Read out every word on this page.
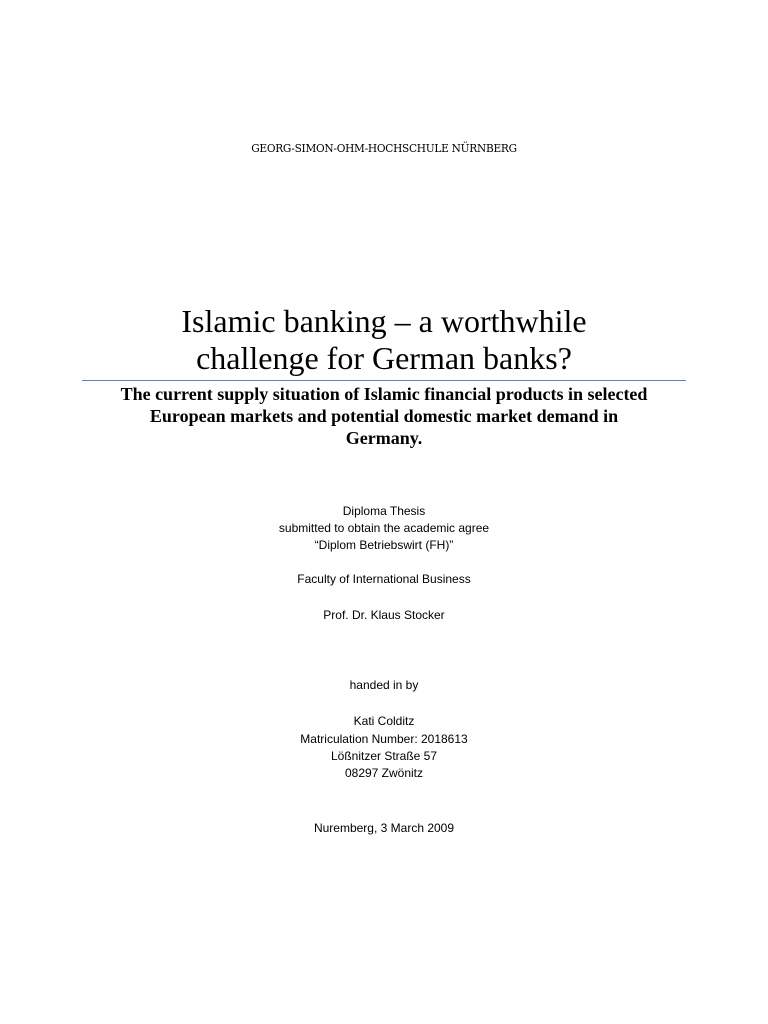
GEORG-SIMON-OHM-HOCHSCHULE NÜRNBERG
Islamic banking – a worthwhile
challenge for German banks?
The current supply situation of Islamic financial products in selected
European markets and potential domestic market demand in
Germany.
Diploma Thesis
submitted to obtain the academic agree
“Diplom Betriebswirt (FH)”
Faculty of International Business
Prof. Dr. Klaus Stocker
handed in by
Kati Colditz
Matriculation Number: 2018613
Lößnitzer Straße 57
08297 Zwönitz
Nuremberg, 3 March 2009
